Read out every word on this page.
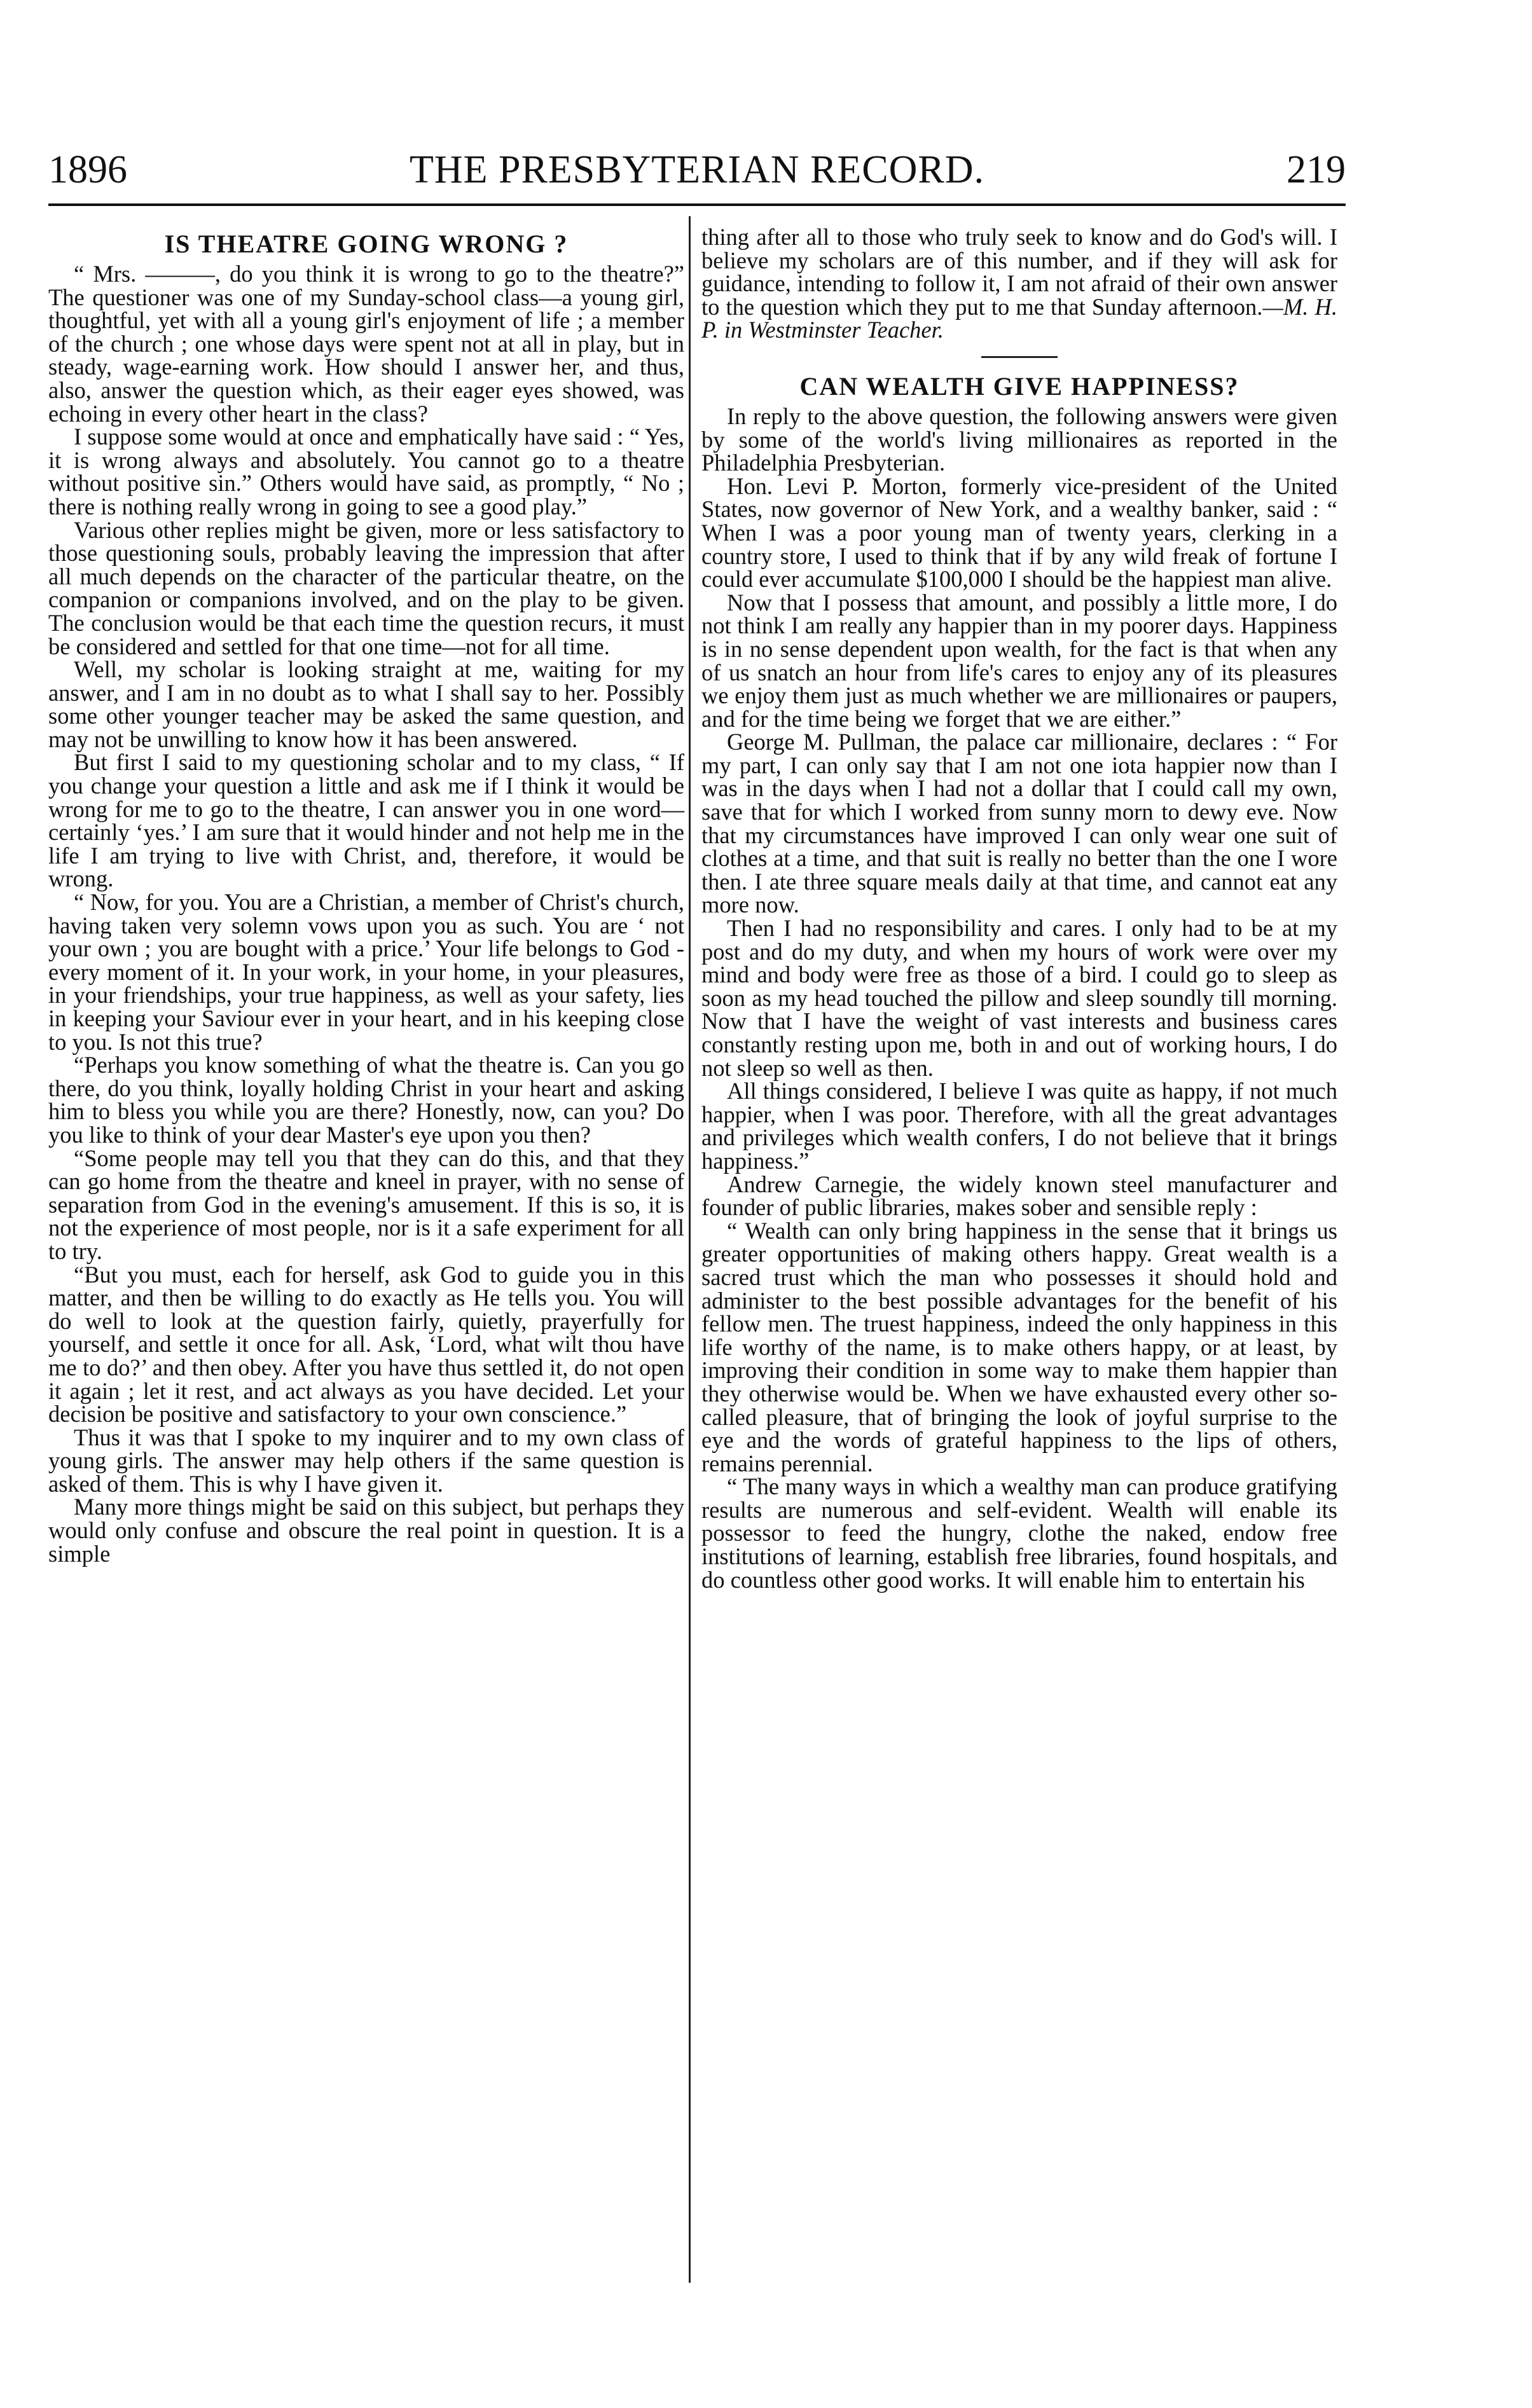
1896	THE PRESBYTERIAN RECORD.	219
IS THEATRE GOING WRONG ?

“ Mrs. ———, do you think it is wrong to go to the theatre?” The questioner was one of my Sunday-school class—a young girl, thoughtful, yet with all a young girl's enjoyment of life ; a member of the church ; one whose days were spent not at all in play, but in steady, wage-earning work. How should I answer her, and thus, also, answer the question which, as their eager eyes showed, was echoing in every other heart in the class?

I suppose some would at once and emphatically have said : “ Yes, it is wrong always and absolutely. You cannot go to a theatre without positive sin.” Others would have said, as promptly, “ No ; there is nothing really wrong in going to see a good play.”

Various other replies might be given, more or less satisfactory to those questioning souls, probably leaving the impression that after all much depends on the character of the particular theatre, on the companion or companions involved, and on the play to be given. The conclusion would be that each time the question recurs, it must be considered and settled for that one time—not for all time.

Well, my scholar is looking straight at me, waiting for my answer, and I am in no doubt as to what I shall say to her. Possibly some other younger teacher may be asked the same question, and may not be unwilling to know how it has been answered.

But first I said to my questioning scholar and to my class, “ If you change your question a little and ask me if I think it would be wrong for me to go to the theatre, I can answer you in one word—certainly ‘yes.’ I am sure that it would hinder and not help me in the life I am trying to live with Christ, and, therefore, it would be wrong.

“ Now, for you. You are a Christian, a member of Christ's church, having taken very solemn vows upon you as such. You are ‘ not your own ; you are bought with a price.’ Your life belongs to God -every moment of it. In your work, in your home, in your pleasures, in your friendships, your true happiness, as well as your safety, lies in keeping your Saviour ever in your heart, and in his keeping close to you. Is not this true?

“Perhaps you know something of what the theatre is. Can you go there, do you think, loyally holding Christ in your heart and asking him to bless you while you are there? Honestly, now, can you? Do you like to think of your dear Master's eye upon you then?

“Some people may tell you that they can do this, and that they can go home from the theatre and kneel in prayer, with no sense of separation from God in the evening's amusement. If this is so, it is not the experience of most people, nor is it a safe experiment for all to try.

“But you must, each for herself, ask God to guide you in this matter, and then be willing to do exactly as He tells you. You will do well to look at the question fairly, quietly, prayerfully for yourself, and settle it once for all. Ask, ‘Lord, what wilt thou have me to do?’ and then obey. After you have thus settled it, do not open it again ; let it rest, and act always as you have decided. Let your decision be positive and satisfactory to your own conscience.”

Thus it was that I spoke to my inquirer and to my own class of young girls. The answer may help others if the same question is asked of them. This is why I have given it.

Many more things might be said on this subject, but perhaps they would only confuse and obscure the real point in question. It is a simple

thing after all to those who truly seek to know and do God's will. I believe my scholars are of this number, and if they will ask for guidance, intending to follow it, I am not afraid of their own answer to the question which they put to me that Sunday afternoon.—M. H. P. in Westminster Teacher.

CAN WEALTH GIVE HAPPINESS?

In reply to the above question, the following answers were given by some of the world's living millionaires as reported in the Philadelphia Presbyterian.

Hon. Levi P. Morton, formerly vice-president of the United States, now governor of New York, and a wealthy banker, said : “ When I was a poor young man of twenty years, clerking in a country store, I used to think that if by any wild freak of fortune I could ever accumulate $100,000 I should be the happiest man alive.

Now that I possess that amount, and possibly a little more, I do not think I am really any happier than in my poorer days. Happiness is in no sense dependent upon wealth, for the fact is that when any of us snatch an hour from life's cares to enjoy any of its pleasures we enjoy them just as much whether we are millionaires or paupers, and for the time being we forget that we are either.”

George M. Pullman, the palace car millionaire, declares : “ For my part, I can only say that I am not one iota happier now than I was in the days when I had not a dollar that I could call my own, save that for which I worked from sunny morn to dewy eve. Now that my circumstances have improved I can only wear one suit of clothes at a time, and that suit is really no better than the one I wore then. I ate three square meals daily at that time, and cannot eat any more now.

Then I had no responsibility and cares. I only had to be at my post and do my duty, and when my hours of work were over my mind and body were free as those of a bird. I could go to sleep as soon as my head touched the pillow and sleep soundly till morning. Now that I have the weight of vast interests and business cares constantly resting upon me, both in and out of working hours, I do not sleep so well as then.

All things considered, I believe I was quite as happy, if not much happier, when I was poor. Therefore, with all the great advantages and privileges which wealth confers, I do not believe that it brings happiness.”

Andrew Carnegie, the widely known steel manufacturer and founder of public libraries, makes sober and sensible reply :

“ Wealth can only bring happiness in the sense that it brings us greater opportunities of making others happy. Great wealth is a sacred trust which the man who possesses it should hold and administer to the best possible advantages for the benefit of his fellow men. The truest happiness, indeed the only happiness in this life worthy of the name, is to make others happy, or at least, by improving their condition in some way to make them happier than they otherwise would be. When we have exhausted every other so-called pleasure, that of bringing the look of joyful surprise to the eye and the words of grateful happiness to the lips of others, remains perennial.

“ The many ways in which a wealthy man can produce gratifying results are numerous and self-evident. Wealth will enable its possessor to feed the hungry, clothe the naked, endow free institutions of learning, establish free libraries, found hospitals, and do countless other good works. It will enable him to entertain his
